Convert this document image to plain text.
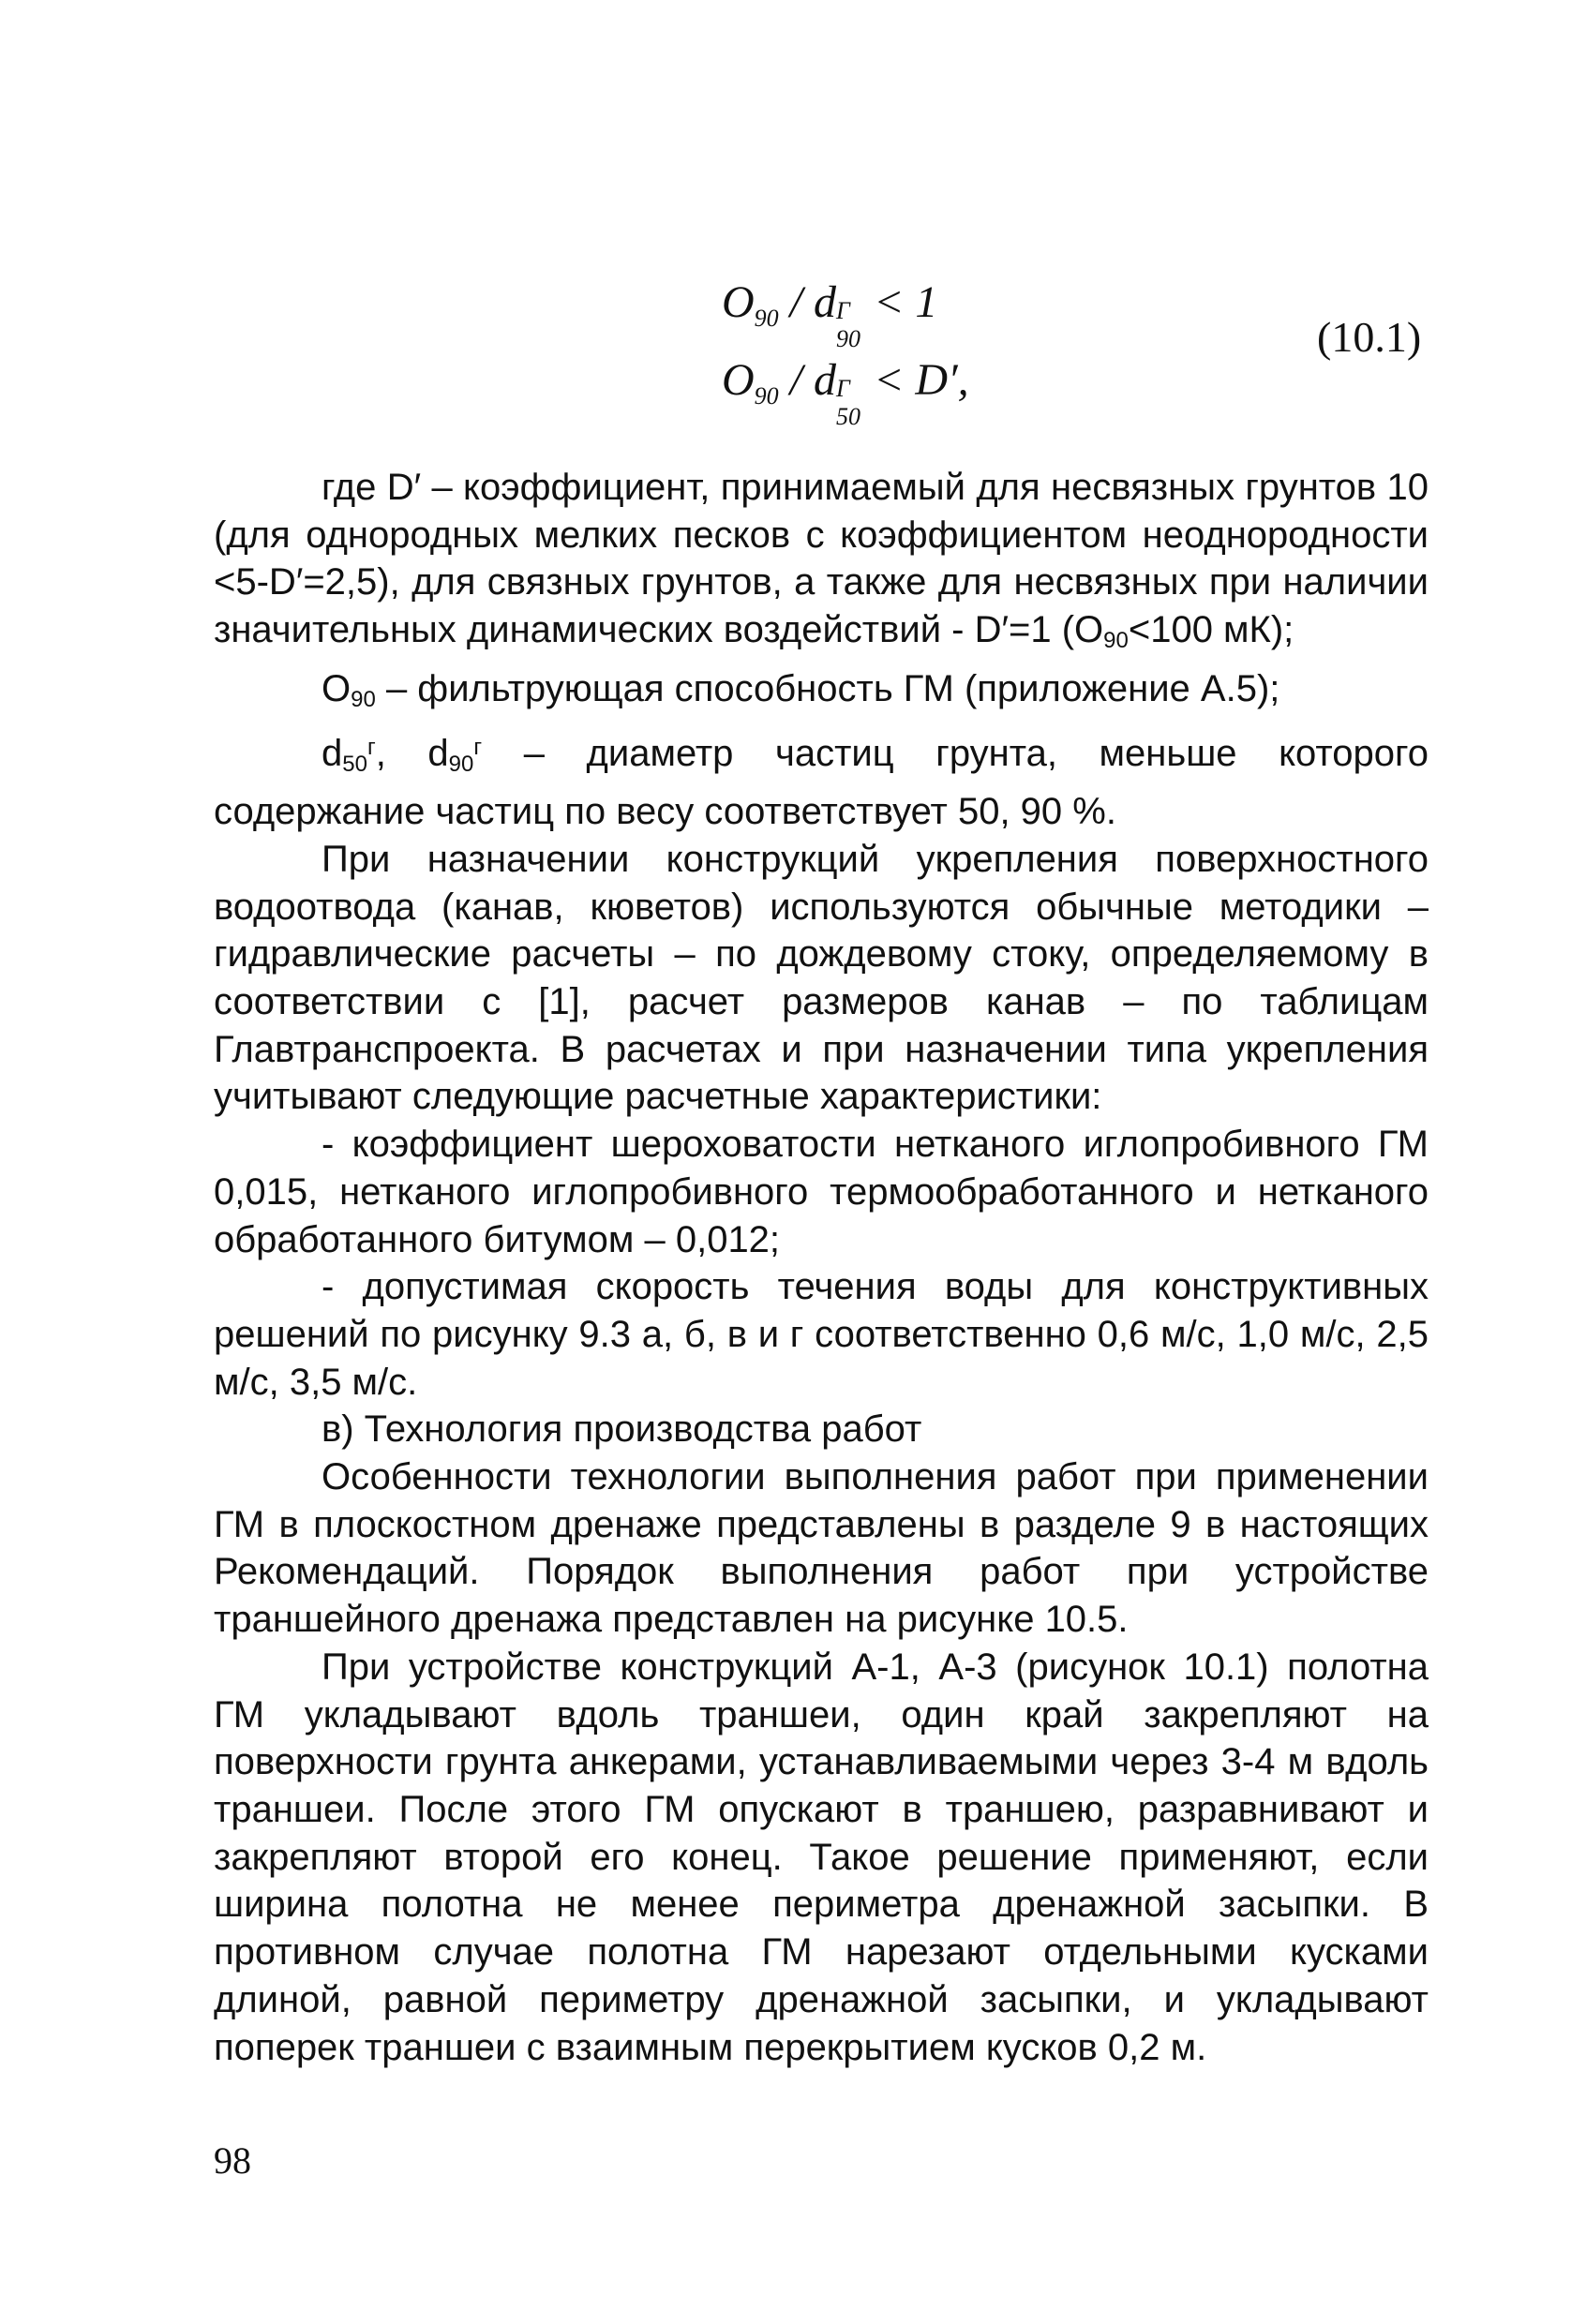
$O_{90}$ / d Г
90
< 1
$O_{90}$ / d Г
50
< D′,
(10.1)

где D′ – коэффициент, принимаемый для несвязных грунтов 10 (для однородных мелких песков с коэффициентом неоднородности <5-D′=2,5), для связных грунтов, а также для несвязных при наличии значительных динамических воздействий - D′=1 ($O_{90}<100$ мК);

$O_{90}$ – фильтрующая способность ГМ (приложение А.5);

$d_{50}^г$, $d_{90}^г$ – диаметр частиц грунта, меньше которого содержание частиц по весу соответствует 50, 90 %.

При назначении конструкций укрепления поверхностного водоотвода (канав, кюветов) используются обычные методики – гидравлические расчеты – по дождевому стоку, определяемому в соответствии с [1], расчет размеров канав – по таблицам Главтранспроекта. В расчетах и при назначении типа укрепления учитывают следующие расчетные характеристики:

- коэффициент шероховатости нетканого иглопробивного ГМ 0,015, нетканого иглопробивного термообработанного и нетканого обработанного битумом – 0,012;

- допустимая скорость течения воды для конструктивных решений по рисунку 9.3 а, б, в и г соответственно 0,6 м/с, 1,0 м/с, 2,5 м/с, 3,5 м/с.

в) Технология производства работ

Особенности технологии выполнения работ при применении ГМ в плоскостном дренаже представлены в разделе 9 в настоящих Рекомендаций. Порядок выполнения работ при устройстве траншейного дренажа представлен на рисунке 10.5.

При устройстве конструкций А-1, А-3 (рисунок 10.1) полотна ГМ укладывают вдоль траншеи, один край закрепляют на поверхности грунта анкерами, устанавливаемыми через 3-4 м вдоль траншеи. После этого ГМ опускают в траншею, разравнивают и закрепляют второй его конец. Такое решение применяют, если ширина полотна не менее периметра дренажной засыпки. В противном случае полотна ГМ нарезают отдельными кусками длиной, равной периметру дренажной засыпки, и укладывают поперек траншеи с взаимным перекрытием кусков 0,2 м.

98
